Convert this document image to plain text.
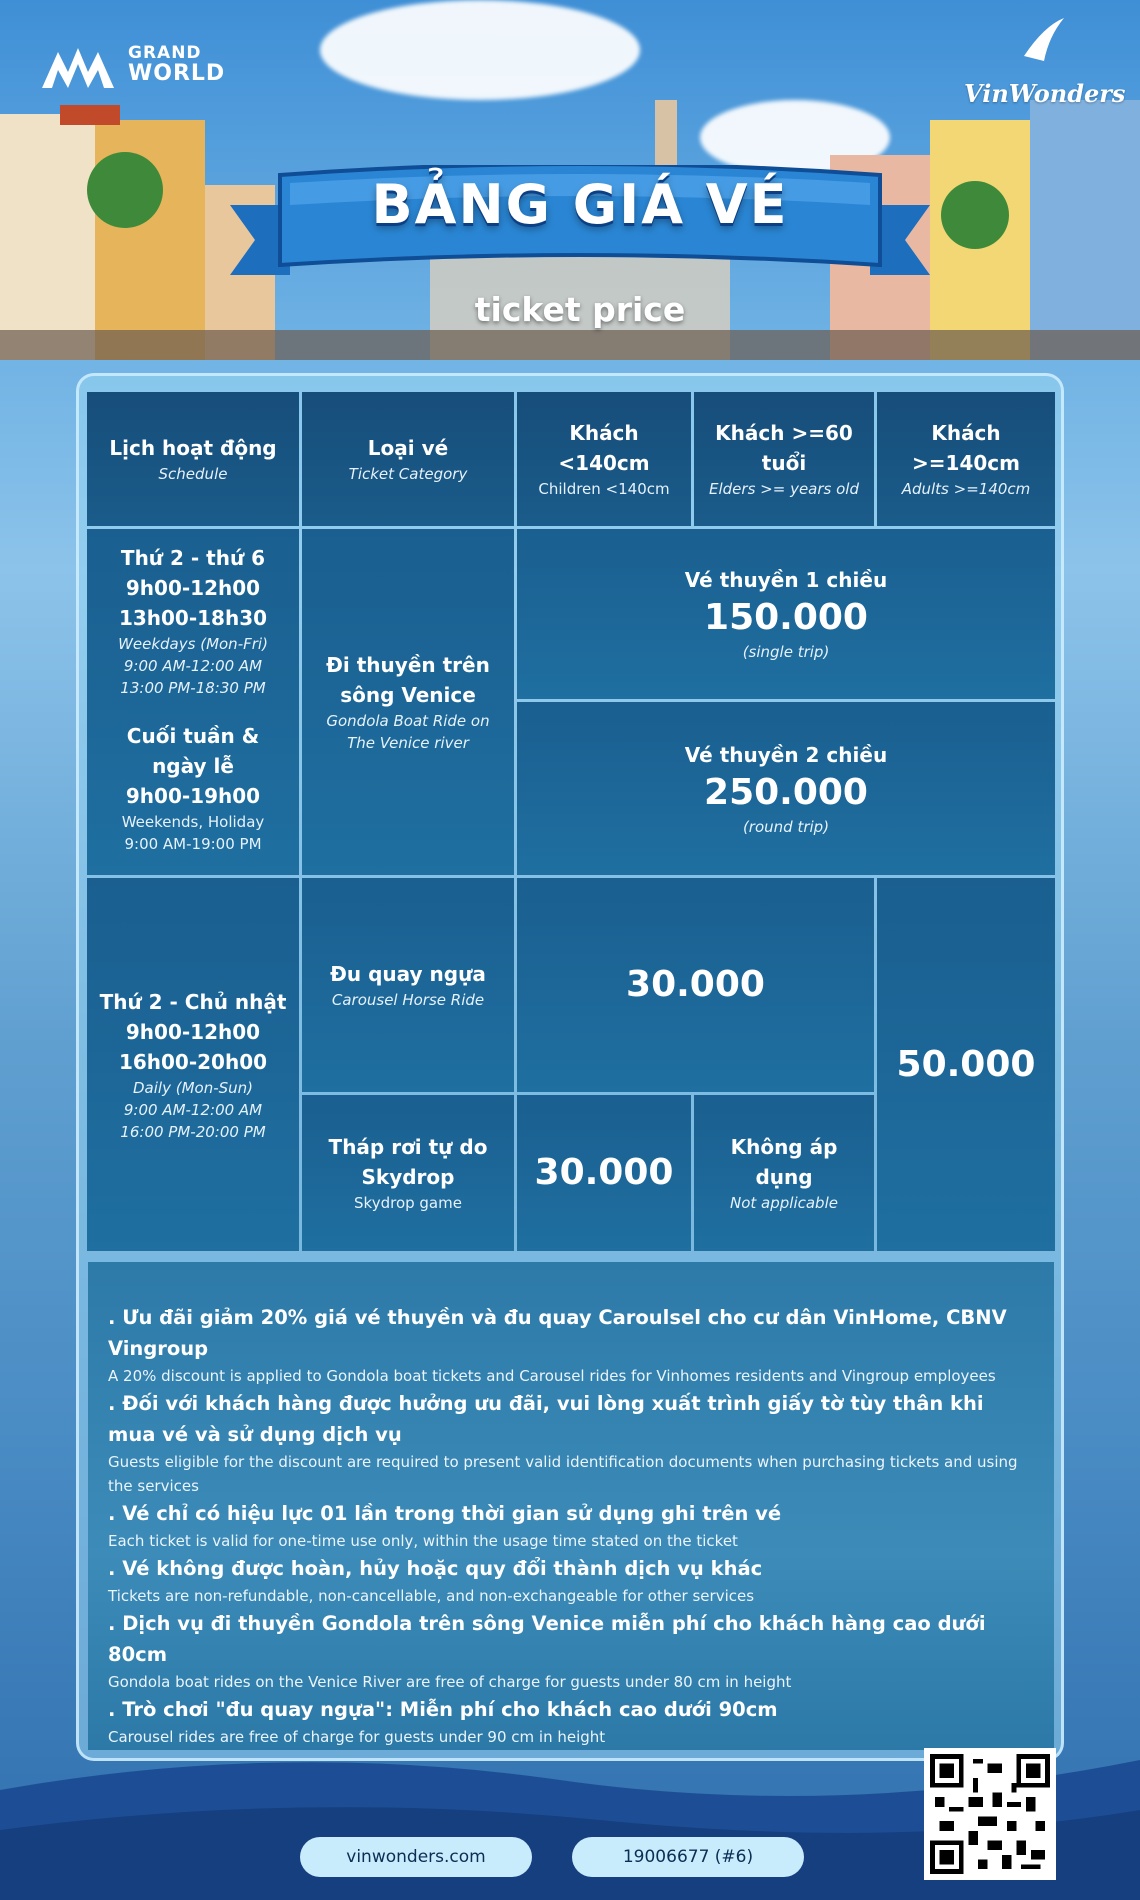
GRAND
WORLD
VinWonders
BẢNG GIÁ VÉ
ticket price
Lịch hoạt động
Schedule
Loại vé
Ticket Category
Khách <140cm
Children <140cm
Khách >=60 tuổi
Elders >= years old
Khách >=140cm
Adults >=140cm
Thứ 2 - thứ 6
9h00-12h00
13h00-18h30
Weekdays (Mon-Fri)
9:00 AM-12:00 AM
13:00 PM-18:30 PM
Cuối tuần &
ngày lễ
9h00-19h00
Weekends, Holiday
9:00 AM-19:00 PM
Đi thuyền trên
sông Venice
Gondola Boat Ride on
The Venice river
Vé thuyền 1 chiều
150.000
(single trip)
Vé thuyền 2 chiều
250.000
(round trip)
Thứ 2 - Chủ nhật
9h00-12h00
16h00-20h00
Daily (Mon-Sun)
9:00 AM-12:00 AM
16:00 PM-20:00 PM
Đu quay ngựa
Carousel Horse Ride	30.000
50.000
Tháp rơi tự do
Skydrop
Skydrop game
30.000
Không áp
dụng
Not applicable
. Ưu đãi giảm 20% giá vé thuyền và đu quay Caroulsel cho cư dân VinHome, CBNV Vingroup
A 20% discount is applied to Gondola boat tickets and Carousel rides for Vinhomes residents and Vingroup employees
. Đối với khách hàng được hưởng ưu đãi, vui lòng xuất trình giấy tờ tùy thân khi mua vé và sử dụng dịch vụ
Guests eligible for the discount are required to present valid identification documents when purchasing tickets and using the services
. Vé chỉ có hiệu lực 01 lần trong thời gian sử dụng ghi trên vé
Each ticket is valid for one-time use only, within the usage time stated on the ticket
. Vé không được hoàn, hủy hoặc quy đổi thành dịch vụ khác
Tickets are non-refundable, non-cancellable, and non-exchangeable for other services
. Dịch vụ đi thuyền Gondola trên sông Venice miễn phí cho khách hàng cao dưới 80cm
Gondola boat rides on the Venice River are free of charge for guests under 80 cm in height
. Trò chơi "đu quay ngựa": Miễn phí cho khách cao dưới 90cm
Carousel rides are free of charge for guests under 90 cm in height
vinwonders.com	19006677 (#6)
